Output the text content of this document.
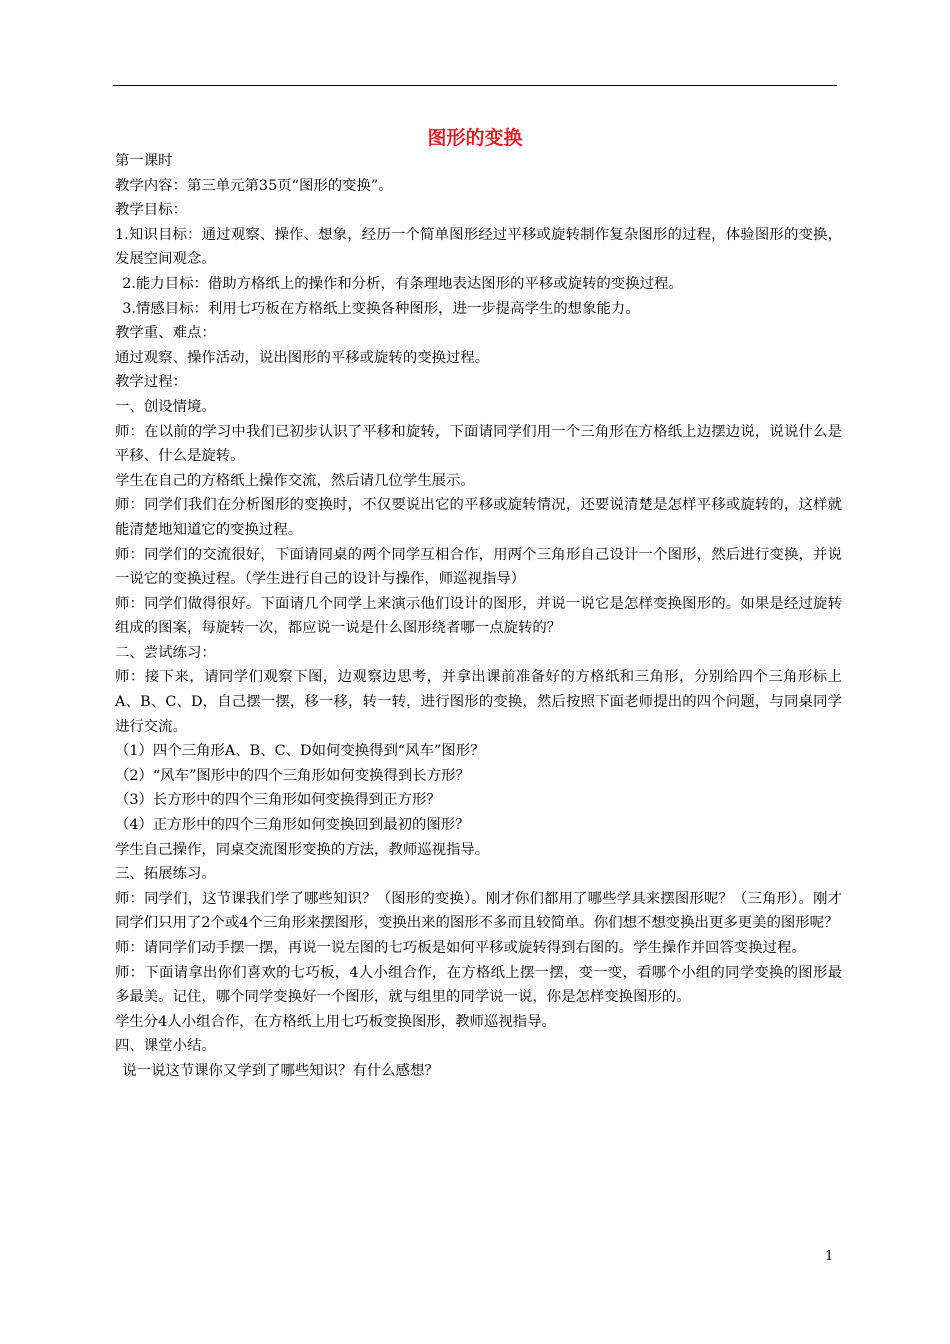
图形的变换

第一课时

教学内容：第三单元第35页“图形的变换”。

教学目标：

1.知识目标：通过观察、操作、想象，经历一个简单图形经过平移或旋转制作复杂图形的过程，体验图形的变换，发展空间观念。

2.能力目标：借助方格纸上的操作和分析，有条理地表达图形的平移或旋转的变换过程。

3.情感目标：利用七巧板在方格纸上变换各种图形，进一步提高学生的想象能力。

教学重、难点：

通过观察、操作活动，说出图形的平移或旋转的变换过程。

教学过程：

一、创设情境。

师：在以前的学习中我们已初步认识了平移和旋转，下面请同学们用一个三角形在方格纸上边摆边说，说说什么是平移、什么是旋转。

学生在自己的方格纸上操作交流，然后请几位学生展示。

师：同学们我们在分析图形的变换时，不仅要说出它的平移或旋转情况，还要说清楚是怎样平移或旋转的，这样就能清楚地知道它的变换过程。

师：同学们的交流很好，下面请同桌的两个同学互相合作，用两个三角形自己设计一个图形，然后进行变换，并说一说它的变换过程。（学生进行自己的设计与操作，师巡视指导）

师：同学们做得很好。下面请几个同学上来演示他们设计的图形，并说一说它是怎样变换图形的。如果是经过旋转组成的图案，每旋转一次，都应说一说是什么图形绕者哪一点旋转的？

二、尝试练习：

师：接下来，请同学们观察下图，边观察边思考，并拿出课前准备好的方格纸和三角形，分别给四个三角形标上A、B、C、D，自己摆一摆，移一移，转一转，进行图形的变换，然后按照下面老师提出的四个问题，与同桌同学进行交流。

（1）四个三角形A、B、C、D如何变换得到“风车”图形？

（2）“风车”图形中的四个三角形如何变换得到长方形？

（3）长方形中的四个三角形如何变换得到正方形？

（4）正方形中的四个三角形如何变换回到最初的图形？

学生自己操作，同桌交流图形变换的方法，教师巡视指导。

三、拓展练习。

师：同学们，这节课我们学了哪些知识？（图形的变换）。刚才你们都用了哪些学具来摆图形呢？（三角形）。刚才同学们只用了2个或4个三角形来摆图形，变换出来的图形不多而且较简单。你们想不想变换出更多更美的图形呢？

师：请同学们动手摆一摆，再说一说左图的七巧板是如何平移或旋转得到右图的。学生操作并回答变换过程。

师：下面请拿出你们喜欢的七巧板，4人小组合作，在方格纸上摆一摆，变一变，看哪个小组的同学变换的图形最多最美。记住，哪个同学变换好一个图形，就与组里的同学说一说，你是怎样变换图形的。

学生分4人小组合作，在方格纸上用七巧板变换图形，教师巡视指导。

四、课堂小结。

说一说这节课你又学到了哪些知识？有什么感想？

1
